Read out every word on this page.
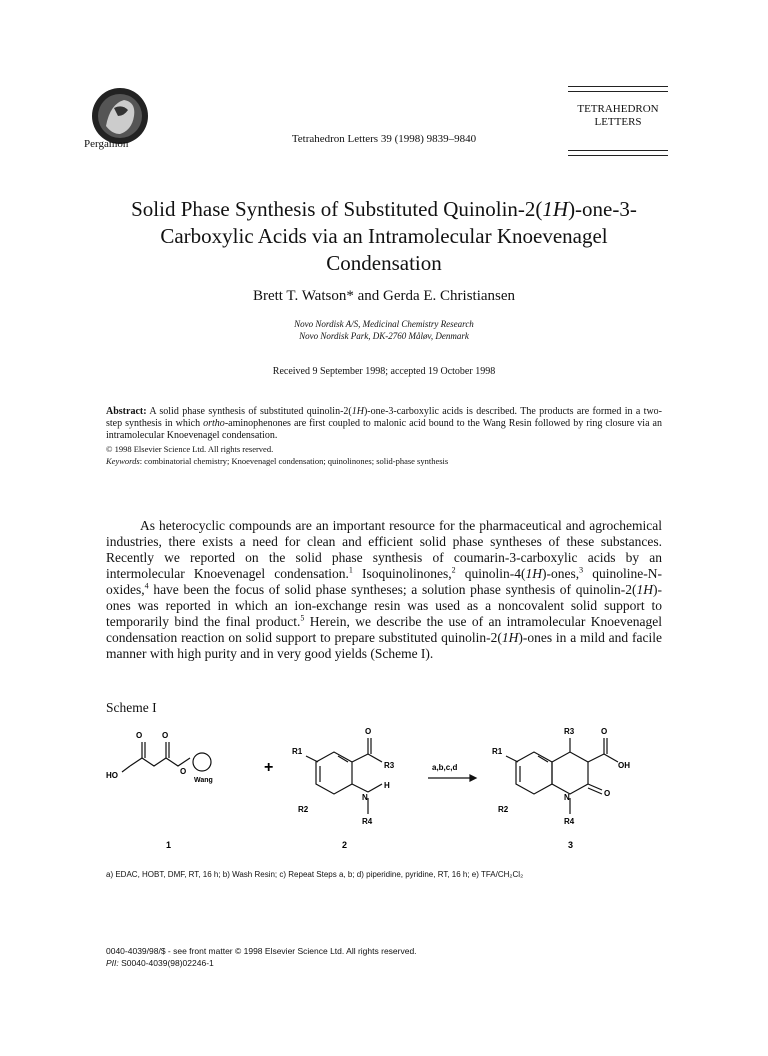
Pergamon	Tetrahedron Letters 39 (1998) 9839–9840
TETRAHEDRON
LETTERS
Solid Phase Synthesis of Substituted Quinolin-2(1H)-one-3-
Carboxylic Acids via an Intramolecular Knoevenagel
Condensation
Brett T. Watson* and Gerda E. Christiansen
Novo Nordisk A/S, Medicinal Chemistry Research
Novo Nordisk Park, DK-2760 Måløv, Denmark
Received 9 September 1998; accepted 19 October 1998
Abstract: A solid phase synthesis of substituted quinolin-2(1H)-one-3-carboxylic acids is described. The products are formed in a two-step synthesis in which ortho-aminophenones are first coupled to malonic acid bound to the Wang Resin followed by ring closure via an intramolecular Knoevenagel condensation.
© 1998 Elsevier Science Ltd. All rights reserved.
Keywords: combinatorial chemistry; Knoevenagel condensation; quinolinones; solid-phase synthesis

As heterocyclic compounds are an important resource for the pharmaceutical and agrochemical industries, there exists a need for clean and efficient solid phase syntheses of these substances. Recently we reported on the solid phase synthesis of coumarin-3-carboxylic acids by an intermolecular Knoevenagel condensation.$^1$ Isoquinolinones,$^2$ quinolin-4(1H)-ones,$^3$ quinoline-N-oxides,$^4$ have been the focus of solid phase syntheses; a solution phase synthesis of quinolin-2(1H)-ones was reported in which an ion-exchange resin was used as a noncovalent solid support to temporarily bind the final product.$^5$ Herein, we describe the use of an intramolecular Knoevenagel condensation reaction on solid support to prepare substituted quinolin-2(1H)-ones in a mild and facile manner with high purity and in very good yields (Scheme I).

Scheme I
O O
HO	O
Wang
+
O
R1
R3
H
N
R2
R4
a,b,c,d
R3	O
R1
OH
N	O
R2
R4
1	2	3
a) EDAC, HOBT, DMF, RT, 16 h; b) Wash Resin; c) Repeat Steps a, b; d) piperidine, pyridine, RT, 16 h; e) TFA/CH₂Cl₂
0040-4039/98/$ - see front matter © 1998 Elsevier Science Ltd. All rights reserved.
PII: S0040-4039(98)02246-1
